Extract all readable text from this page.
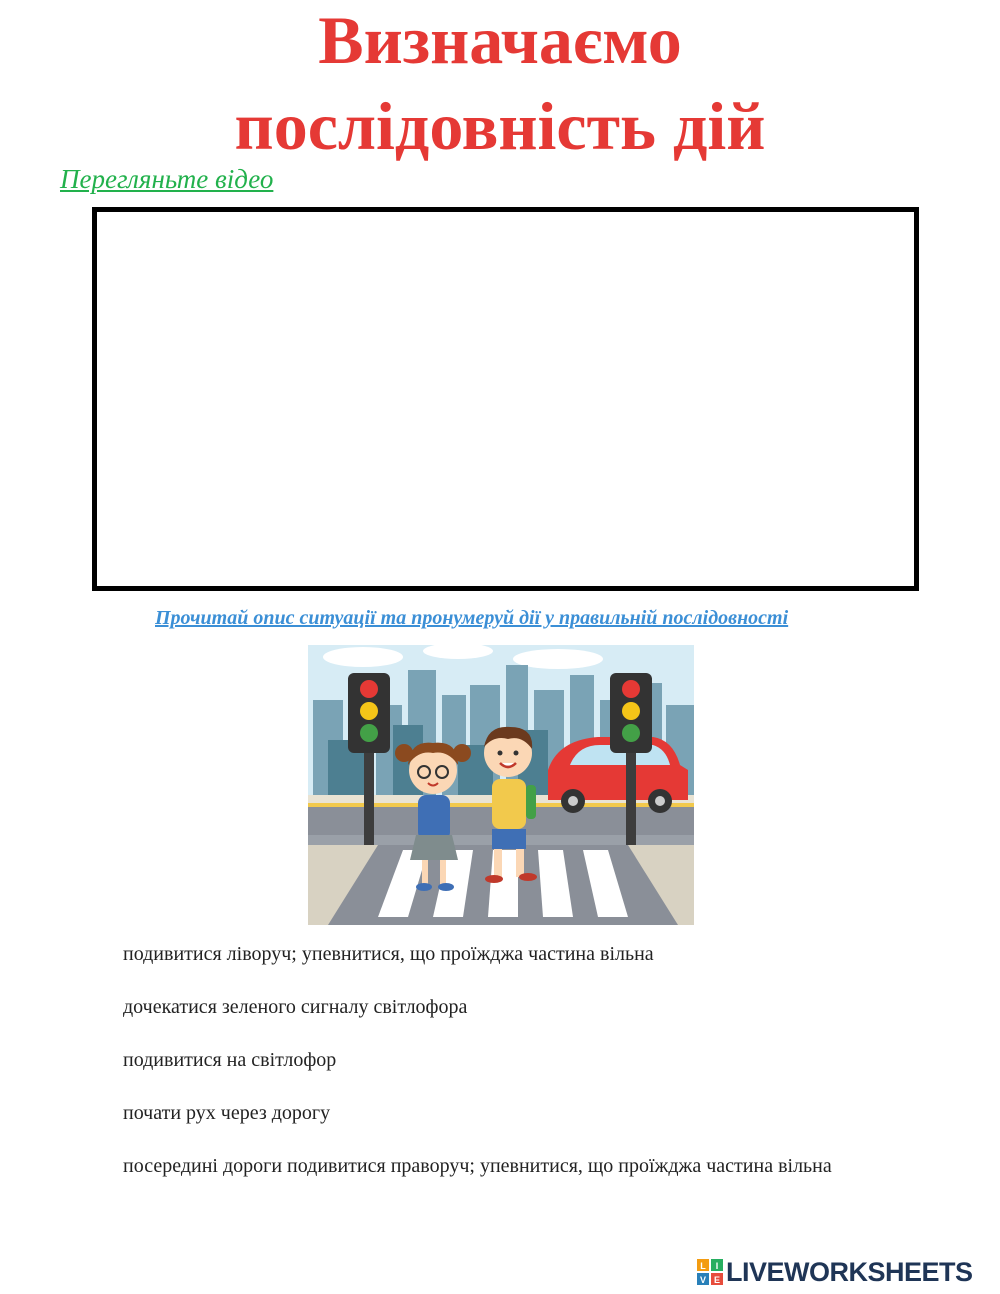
Визначаємо
послідовність дій
Перегляньте відео
Прочитай опис ситуації та пронумеруй дії у правильній послідовності
подивитися ліворуч; упевнитися, що проїжджа частина вільна
дочекатися зеленого сигналу світлофора
подивитися на світлофор
почати рух через дорогу
посередині дороги подивитися праворуч; упевнитися, що проїжджа частина вільна
L I
V E LIVEWORKSHEETS
